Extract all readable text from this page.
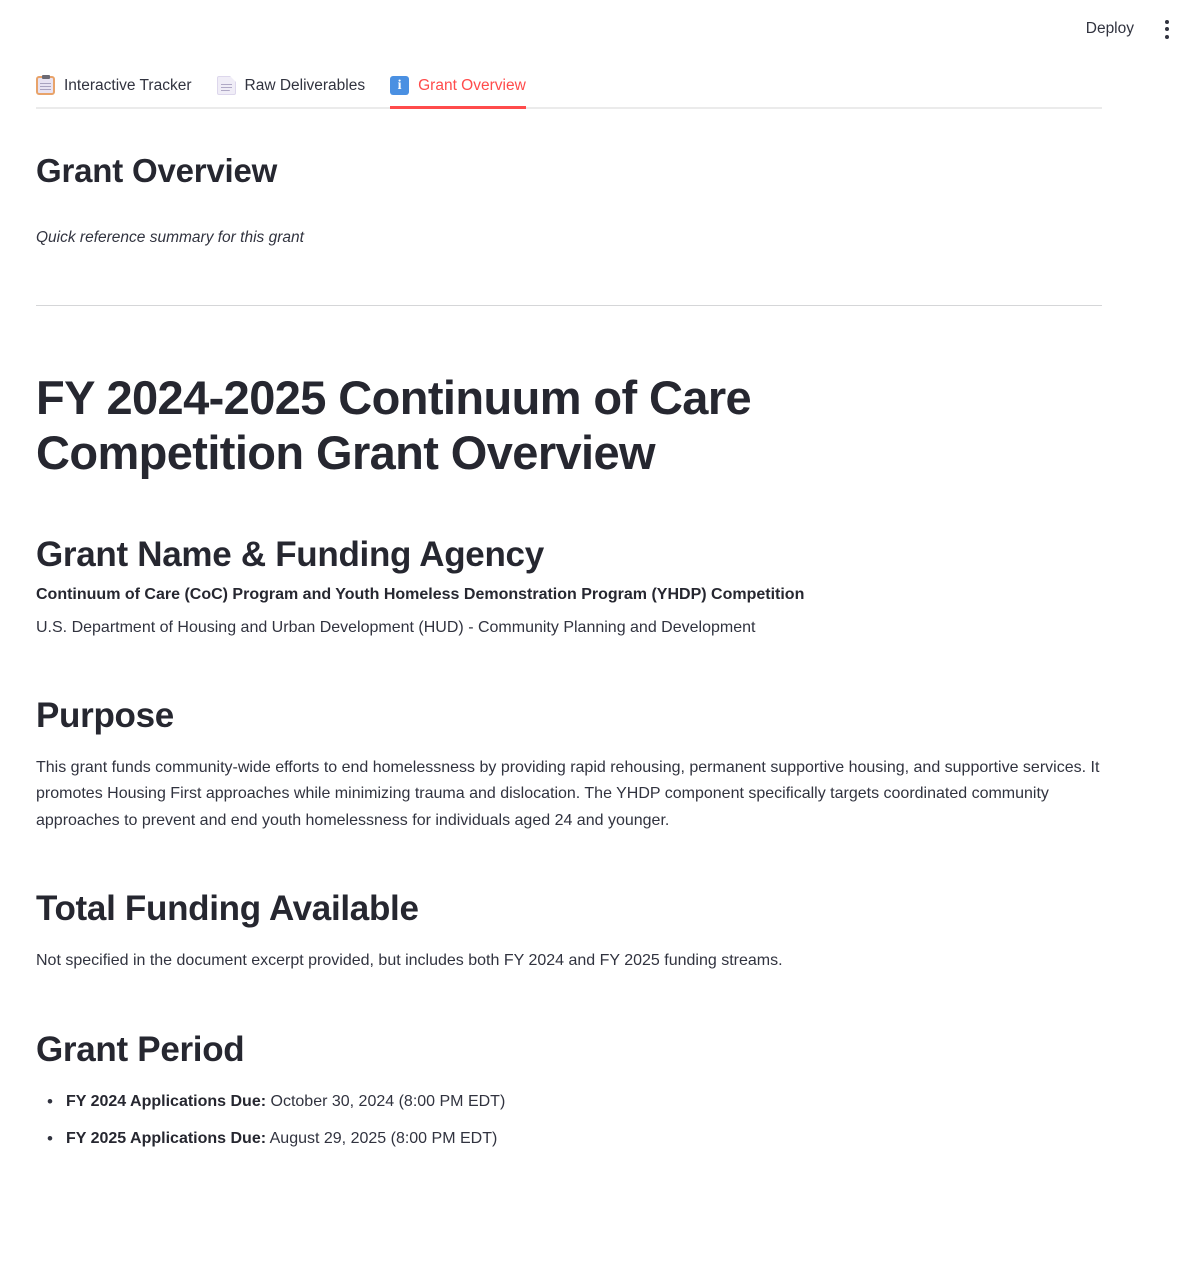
Deploy
Interactive Tracker	Raw Deliverables	i	Grant Overview
Grant Overview

Quick reference summary for this grant

FY 2024-2025 Continuum of Care Competition Grant Overview
Grant Name & Funding Agency

Continuum of Care (CoC) Program and Youth Homeless Demonstration Program (YHDP) Competition

U.S. Department of Housing and Urban Development (HUD) - Community Planning and Development

Purpose

This grant funds community-wide efforts to end homelessness by providing rapid rehousing, permanent supportive housing, and supportive services. It promotes Housing First approaches while minimizing trauma and dislocation. The YHDP component specifically targets coordinated community approaches to prevent and end youth homelessness for individuals aged 24 and younger.

Total Funding Available

Not specified in the document excerpt provided, but includes both FY 2024 and FY 2025 funding streams.

Grant Period
• FY 2024 Applications Due: October 30, 2024 (8:00 PM EDT)
• FY 2025 Applications Due: August 29, 2025 (8:00 PM EDT)
